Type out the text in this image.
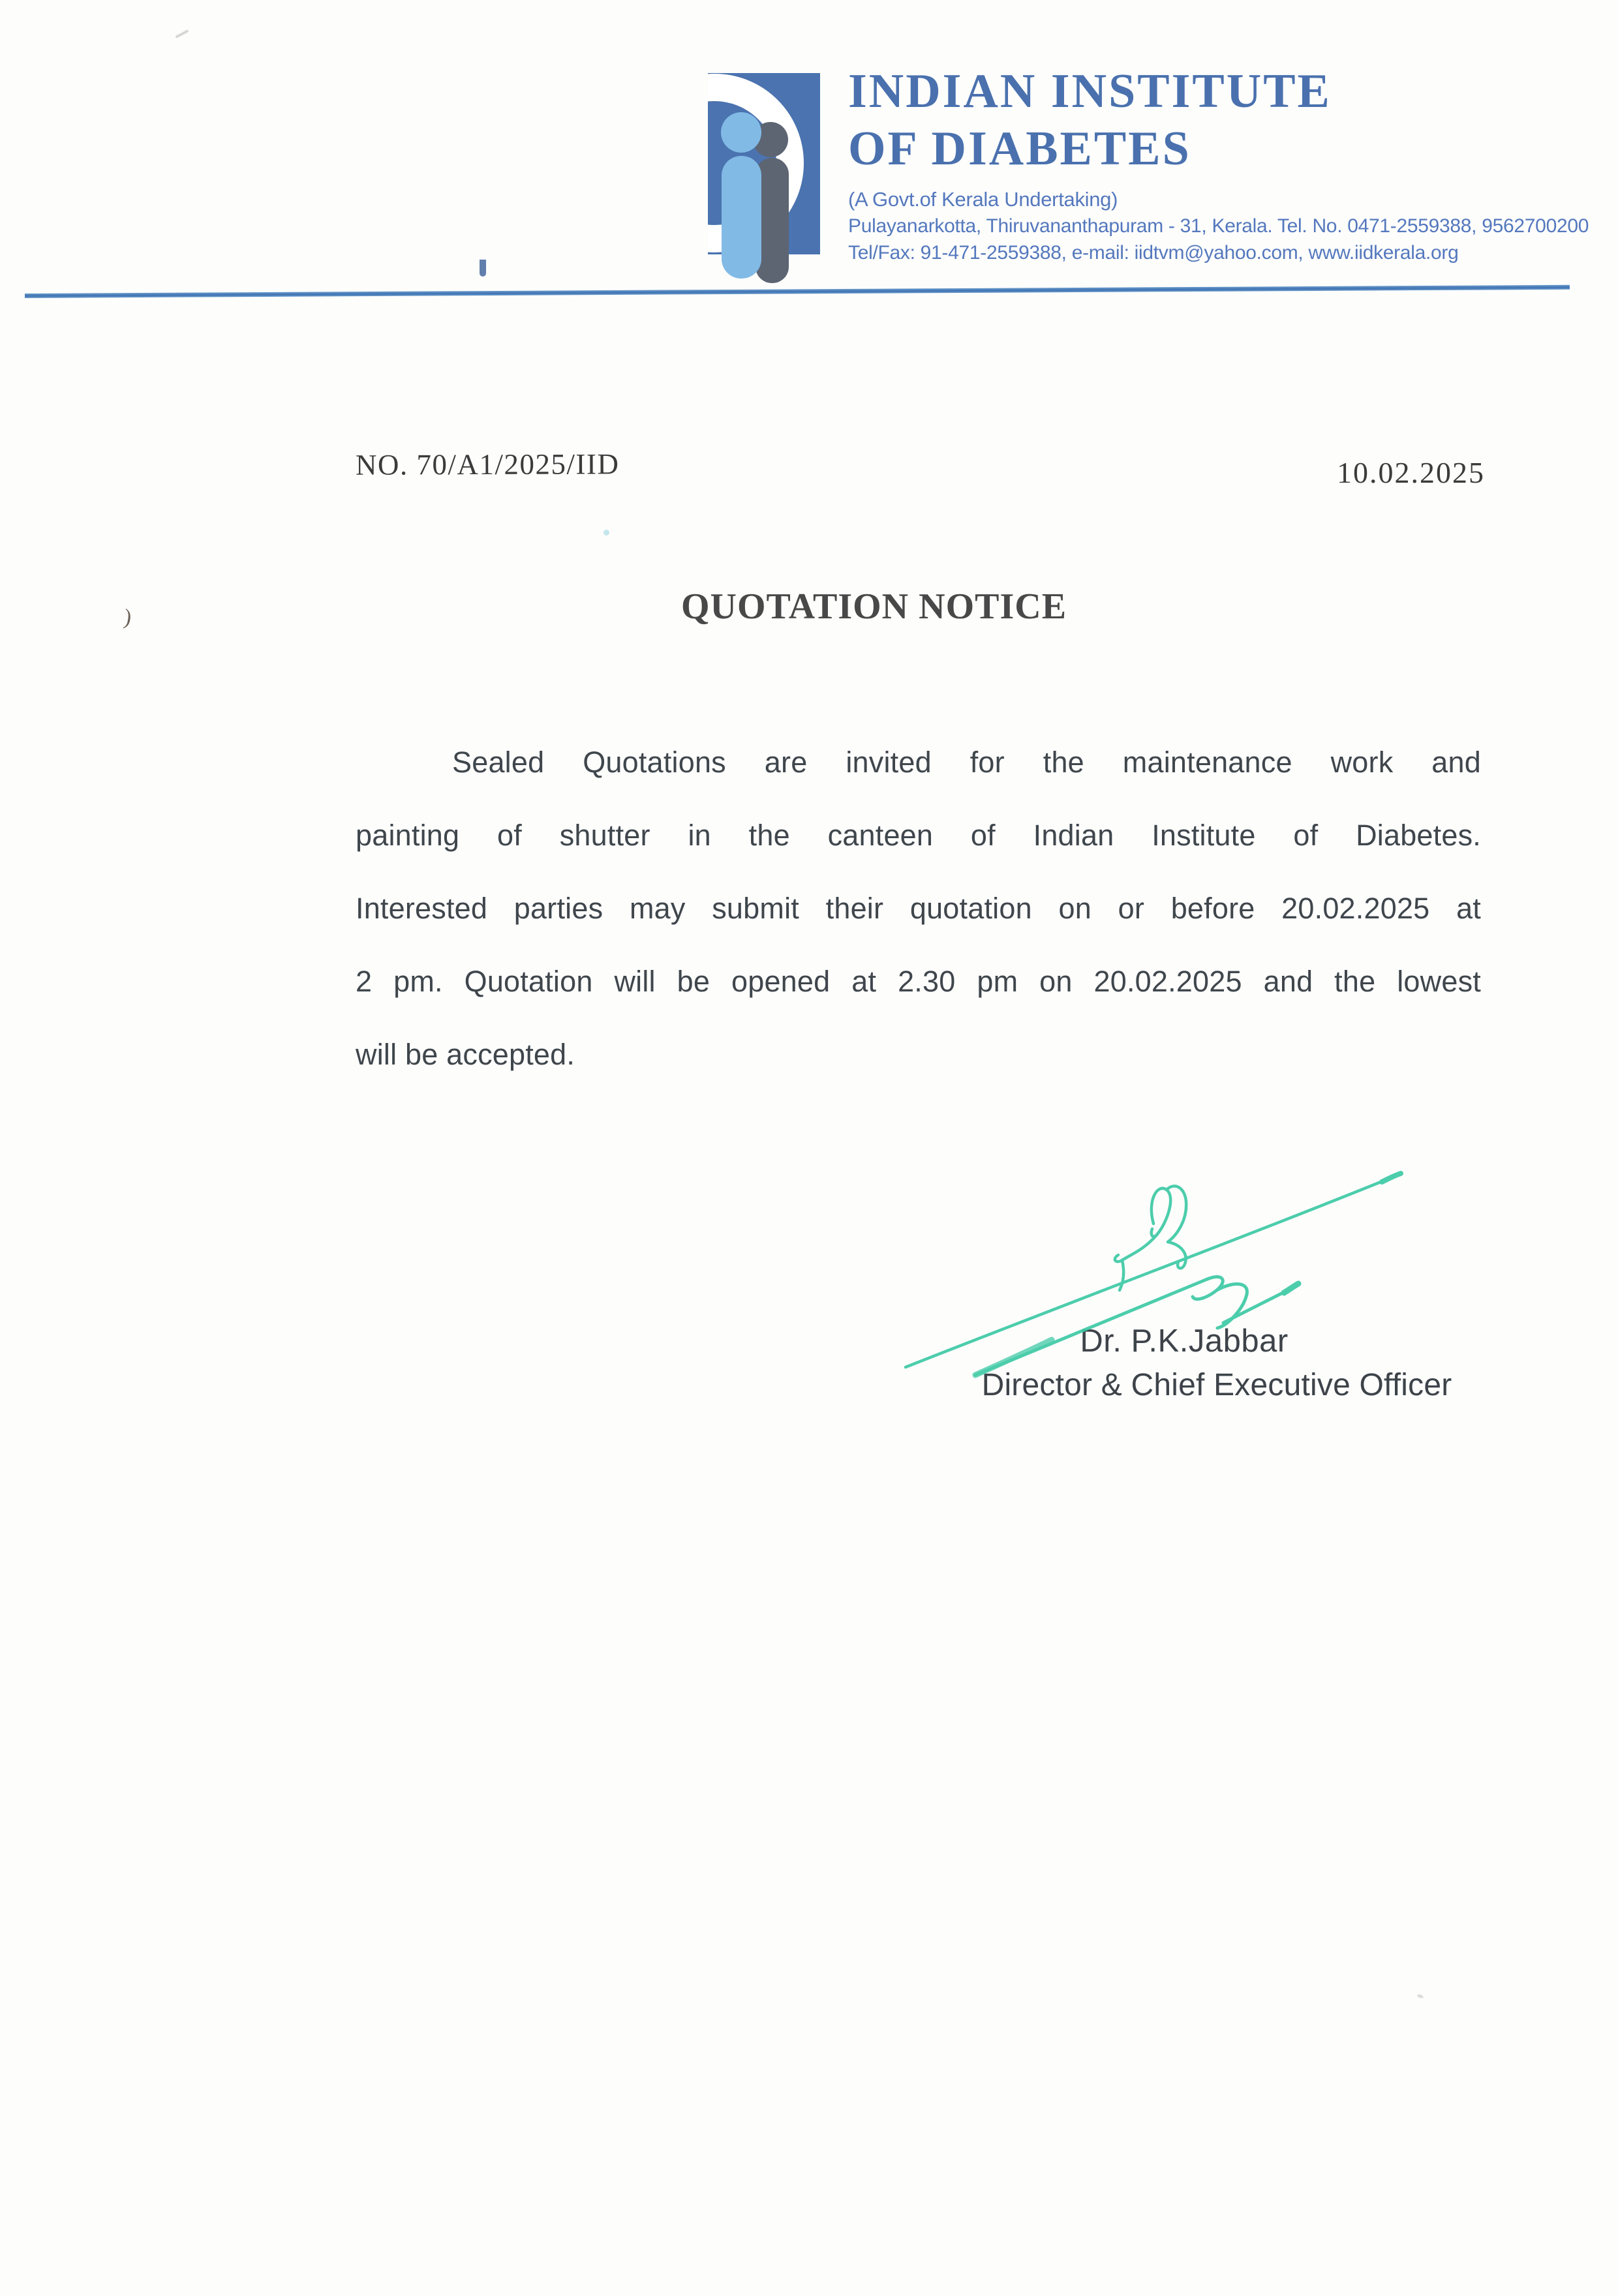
INDIAN INSTITUTE
OF DIABETES
(A Govt.of Kerala Undertaking)
Pulayanarkotta, Thiruvananthapuram - 31, Kerala. Tel. No. 0471-2559388, 9562700200
Tel/Fax: 91-471-2559388, e-mail: iidtvm@yahoo.com, www.iidkerala.org
NO. 70/A1/2025/IID	10.02.2025
)	QUOTATION NOTICE
Sealed Quotations are invited for the maintenance work and
painting of shutter in the canteen of Indian Institute of Diabetes.
Interested parties may submit their quotation on or before 20.02.2025 at
2 pm. Quotation will be opened at 2.30 pm on 20.02.2025 and the lowest
will be accepted.
Dr. P.K.Jabbar
Director & Chief Executive Officer
